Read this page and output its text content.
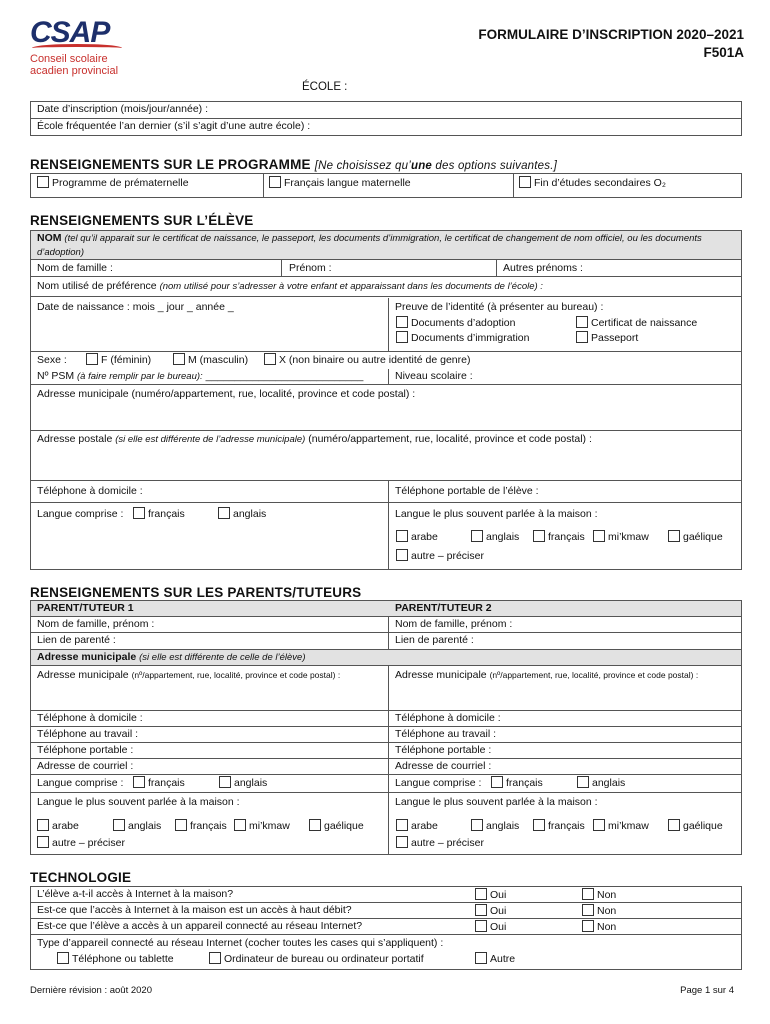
CSAP
Conseil scolaire
acadien provincial
FORMULAIRE D’INSCRIPTION 2020–2021
F501A
ÉCOLE :
Date d’inscription (mois/jour/année) :
École fréquentée l’an dernier (s’il s’agit d’une autre école) :
RENSEIGNEMENTS SUR LE PROGRAMME [Ne choisissez qu’une des options suivantes.]
Programme de prématernelle	Français langue maternelle	Fin d’études secondaires O₂
RENSEIGNEMENTS SUR L’ÉLÈVE
NOM (tel qu’il apparait sur le certificat de naissance, le passeport, les documents d’immigration, le certificat de changement de nom officiel, ou les documents d’adoption)
Nom de famille :	Prénom :	Autres prénoms :
Nom utilisé de préférence (nom utilisé pour s’adresser à votre enfant et apparaissant dans les documents de l’école) :
Date de naissance : mois _ jour _ année _	Preuve de l’identité (à présenter au bureau) :
Documents d’adoption	Certificat de naissance
Documents d’immigration	Passeport
Sexe :	F (féminin)	M (masculin)	X (non binaire ou autre identité de genre)
Nº PSM (à faire remplir par le bureau): ___________________________	Niveau scolaire :
Adresse municipale (numéro/appartement, rue, localité, province et code postal) :
Adresse postale (si elle est différente de l’adresse municipale) (numéro/appartement, rue, localité, province et code postal) :
Téléphone à domicile :	Téléphone portable de l’élève :
Langue comprise :	français	anglais	Langue le plus souvent parlée à la maison :
arabe	anglais	français	mi’kmaw	gaélique
autre – préciser
RENSEIGNEMENTS SUR LES PARENTS/TUTEURS
PARENT/TUTEUR 1	PARENT/TUTEUR 2
Nom de famille, prénom :	Nom de famille, prénom :
Lien de parenté :	Lien de parenté :
Adresse municipale (si elle est différente de celle de l’élève)
Adresse municipale (nº/appartement, rue, localité, province et code postal) :	Adresse municipale (nº/appartement, rue, localité, province et code postal) :
Téléphone à domicile :	Téléphone à domicile :
Téléphone au travail :	Téléphone au travail :
Téléphone portable :	Téléphone portable :
Adresse de courriel :	Adresse de courriel :
Langue comprise :	français	anglais	Langue comprise :	français	anglais
Langue le plus souvent parlée à la maison :
arabe	anglais	français	mi’kmaw	gaélique
autre – préciser
Langue le plus souvent parlée à la maison :
arabe	anglais	français	mi’kmaw	gaélique
autre – préciser
TECHNOLOGIE
L’élève a-t-il accès à Internet à la maison?	Oui	Non
Est-ce que l’accès à Internet à la maison est un accès à haut débit?	Oui	Non
Est-ce que l’élève a accès à un appareil connecté au réseau Internet?	Oui	Non
Type d’appareil connecté au réseau Internet (cocher toutes les cases qui s’appliquent) :
Téléphone ou tablette	Ordinateur de bureau ou ordinateur portatif	Autre
Dernière révision : août 2020	Page 1 sur 4
